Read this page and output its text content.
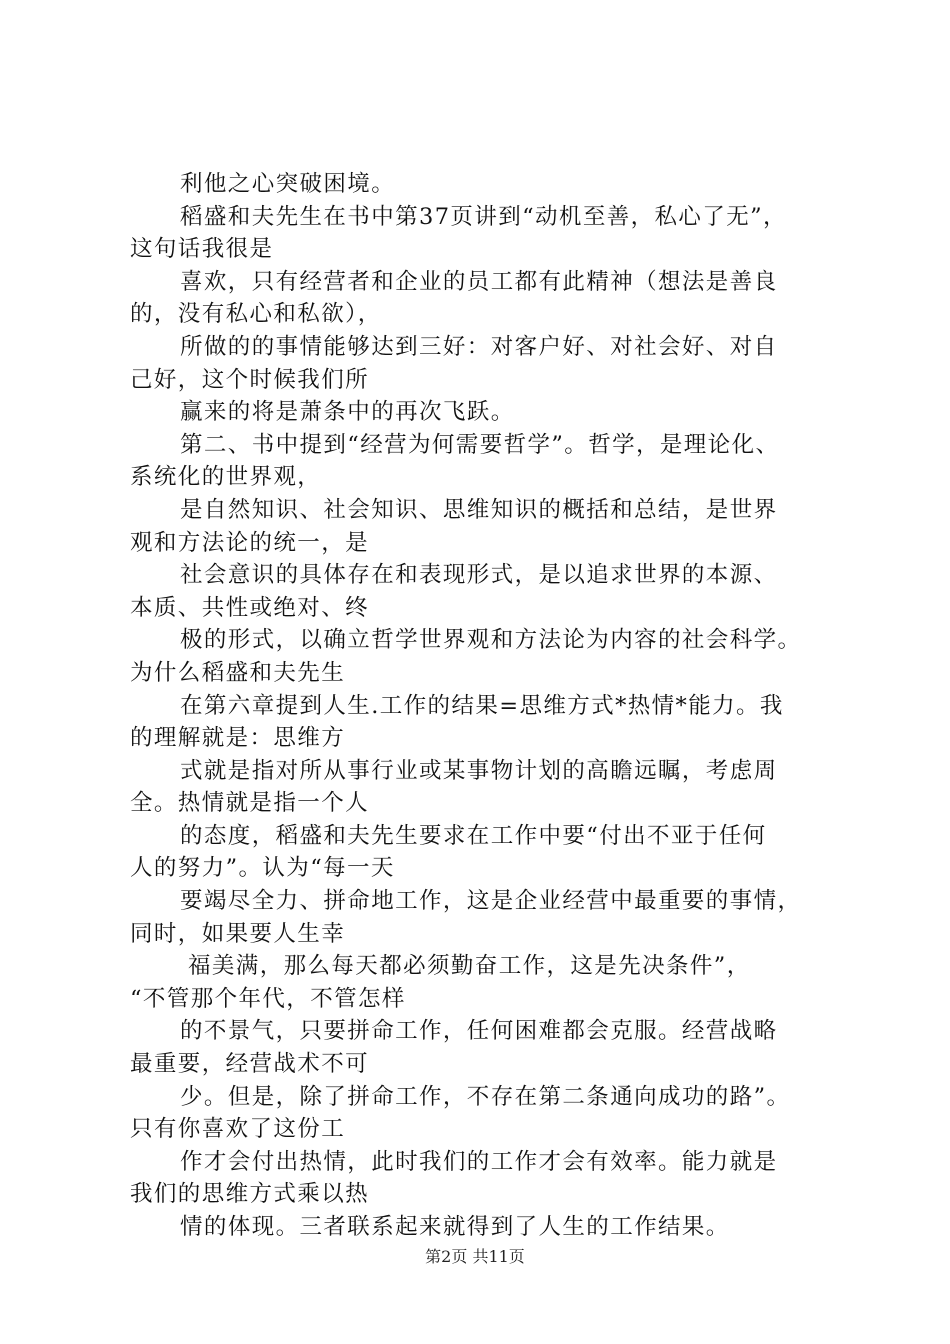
利他之心突破困境。
稻盛和夫先生在书中第37页讲到“动机至善，私心了无”，
这句话我很是
喜欢，只有经营者和企业的员工都有此精神（想法是善良
的，没有私心和私欲），
所做的的事情能够达到三好：对客户好、对社会好、对自
己好，这个时候我们所
赢来的将是萧条中的再次飞跃。
第二、书中提到“经营为何需要哲学”。哲学，是理论化、
系统化的世界观，
是自然知识、社会知识、思维知识的概括和总结，是世界
观和方法论的统一，是
社会意识的具体存在和表现形式，是以追求世界的本源、
本质、共性或绝对、终
极的形式，以确立哲学世界观和方法论为内容的社会科学。
为什么稻盛和夫先生
在第六章提到人生.工作的结果=思维方式*热情*能力。我
的理解就是：思维方
式就是指对所从事行业或某事物计划的高瞻远瞩，考虑周
全。热情就是指一个人
的态度，稻盛和夫先生要求在工作中要“付出不亚于任何
人的努力”。认为“每一天
要竭尽全力、拼命地工作，这是企业经营中最重要的事情，
同时，如果要人生幸
福美满，那么每天都必须勤奋工作，这是先决条件”，
“不管那个年代，不管怎样
的不景气，只要拼命工作，任何困难都会克服。经营战略
最重要，经营战术不可
少。但是，除了拼命工作，不存在第二条通向成功的路”。
只有你喜欢了这份工
作才会付出热情，此时我们的工作才会有效率。能力就是
我们的思维方式乘以热
情的体现。三者联系起来就得到了人生的工作结果。
第2页 共11页
